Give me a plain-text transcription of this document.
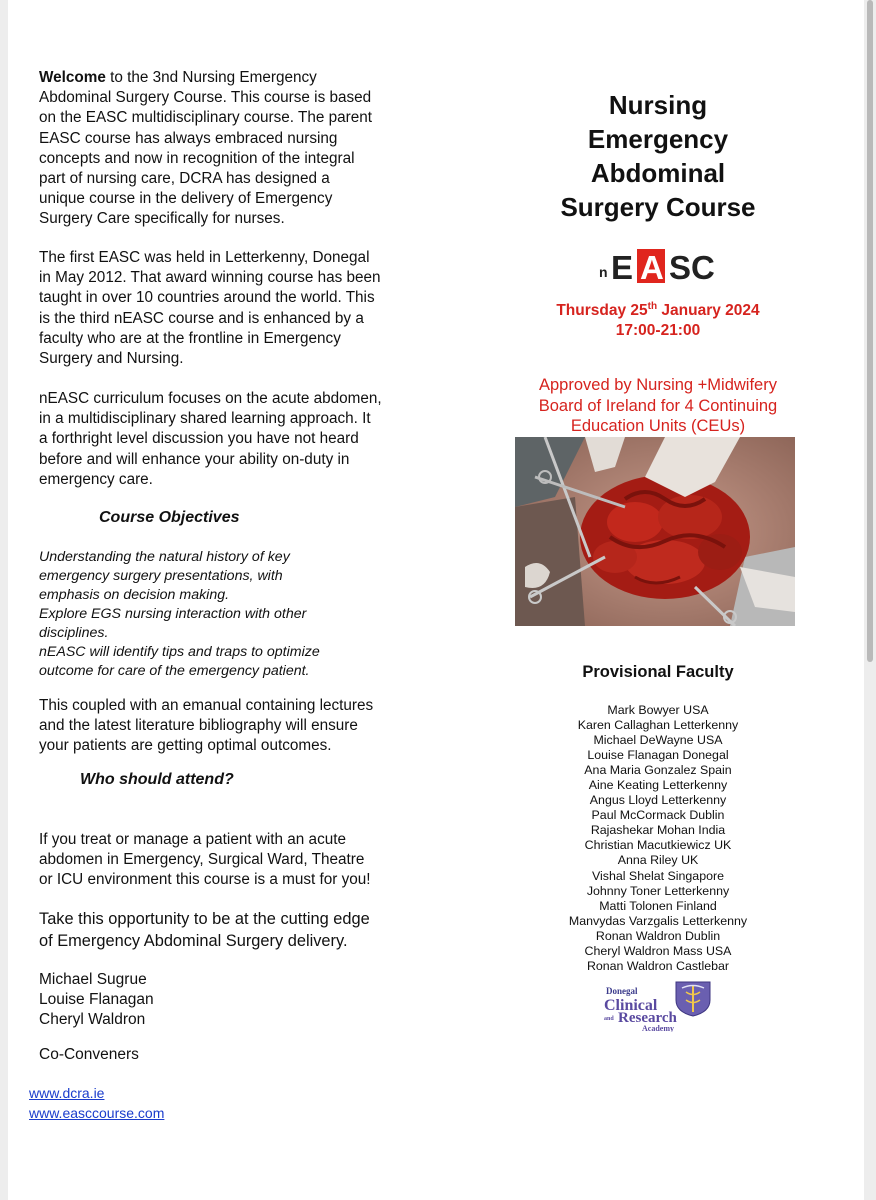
Welcome to the 3nd Nursing Emergency

Abdominal Surgery Course. This course is based

on the EASC multidisciplinary course. The parent

EASC course has always embraced nursing

concepts and now in recognition of the integral

part of nursing care, DCRA has designed a

unique course in the delivery of Emergency

Surgery Care specifically for nurses.

The first EASC was held in Letterkenny, Donegal

in May 2012. That award winning course has been

taught in over 10 countries around the world. This

is the third nEASC course and is enhanced by a

faculty who are at the frontline in Emergency

Surgery and Nursing.

nEASC curriculum focuses on the acute abdomen,

in a multidisciplinary shared learning approach. It

a forthright level discussion you have not heard

before and will enhance your ability on-duty in

emergency care.

Course Objectives

Understanding the natural history of key

emergency surgery presentations, with

emphasis on decision making.

Explore EGS nursing interaction with other

disciplines.

nEASC will identify tips and traps to optimize

outcome for care of the emergency patient.

This coupled with an emanual containing lectures

and the latest literature bibliography will ensure

your patients are getting optimal outcomes.

Who should attend?

If you treat or manage a patient with an acute

abdomen in Emergency, Surgical Ward, Theatre

or ICU environment this course is a must for you!

Take this opportunity to be at the cutting edge

of Emergency Abdominal Surgery delivery.

Michael Sugrue

Louise Flanagan

Cheryl Waldron

Co-Conveners

www.dcra.ie
www.easccourse.com
Nursing
Emergency
Abdominal
Surgery Course
n E A SC
Thursday 25th January 2024
17:00-21:00
Approved by Nursing +Midwifery
Board of Ireland for 4 Continuing
Education Units (CEUs)
Provisional Faculty
Mark Bowyer USA
Karen Callaghan Letterkenny
Michael DeWayne USA
Louise Flanagan Donegal
Ana Maria Gonzalez Spain
Aine Keating Letterkenny
Angus Lloyd Letterkenny
Paul McCormack Dublin
Rajashekar Mohan India
Christian Macutkiewicz UK
Anna Riley UK
Vishal Shelat Singapore
Johnny Toner Letterkenny
Matti Tolonen Finland
Manvydas Varzgalis Letterkenny
Ronan Waldron Dublin
Cheryl Waldron Mass USA
Ronan Waldron Castlebar
Donegal
Clinical
and Research
Academy
